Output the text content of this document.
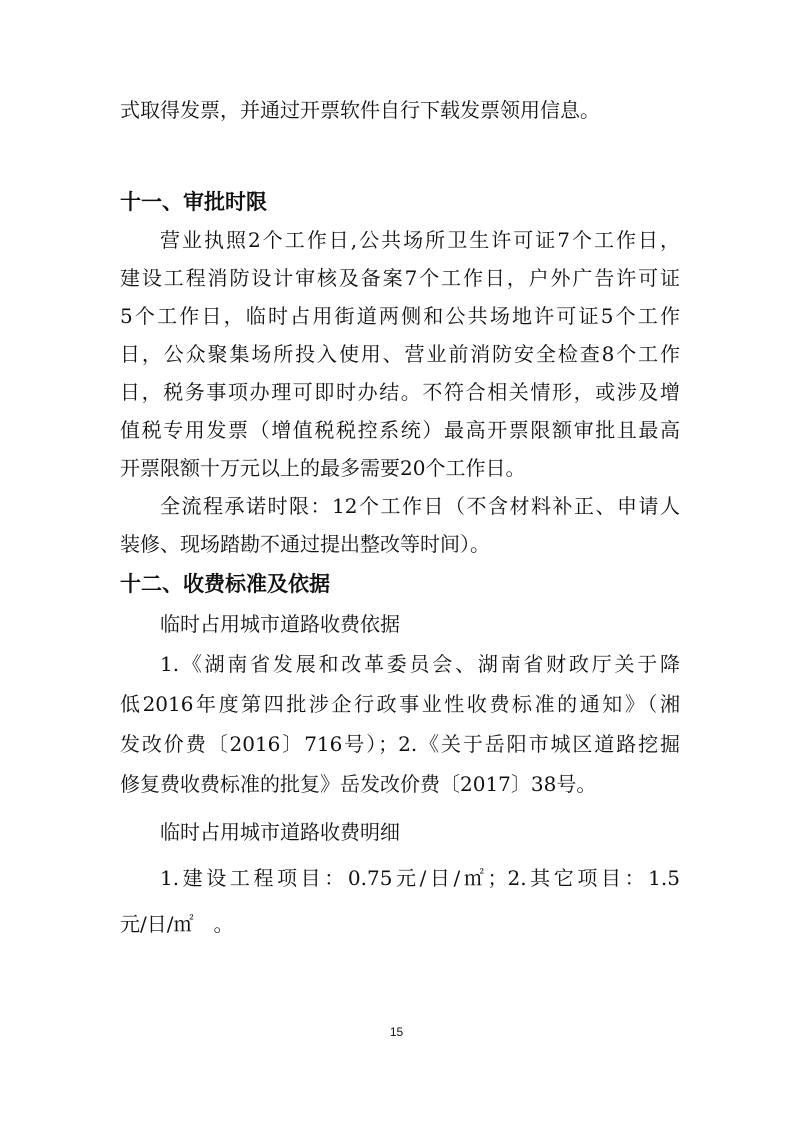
式取得发票，并通过开票软件自行下载发票领用信息。
十一、审批时限
营业执照2个工作日,公共场所卫生许可证7个工作日，
建设工程消防设计审核及备案7个工作日，户外广告许可证
5个工作日，临时占用街道两侧和公共场地许可证5个工作
日，公众聚集场所投入使用、营业前消防安全检查8个工作
日，税务事项办理可即时办结。不符合相关情形，或涉及增
值税专用发票（增值税税控系统）最高开票限额审批且最高
开票限额十万元以上的最多需要20个工作日。
全流程承诺时限：12个工作日（不含材料补正、申请人
装修、现场踏勘不通过提出整改等时间）。
十二、收费标准及依据
临时占用城市道路收费依据
1.《湖南省发展和改革委员会、湖南省财政厅关于降
低2016年度第四批涉企行政事业性收费标准的通知》（湘
发改价费〔2016〕716号）；2.《关于岳阳市城区道路挖掘
修复费收费标准的批复》岳发改价费〔2017〕38号。
临时占用城市道路收费明细
1.建设工程项目：0.75元/日/㎡；2.其它项目：1.5
元/日/㎡　。
15
